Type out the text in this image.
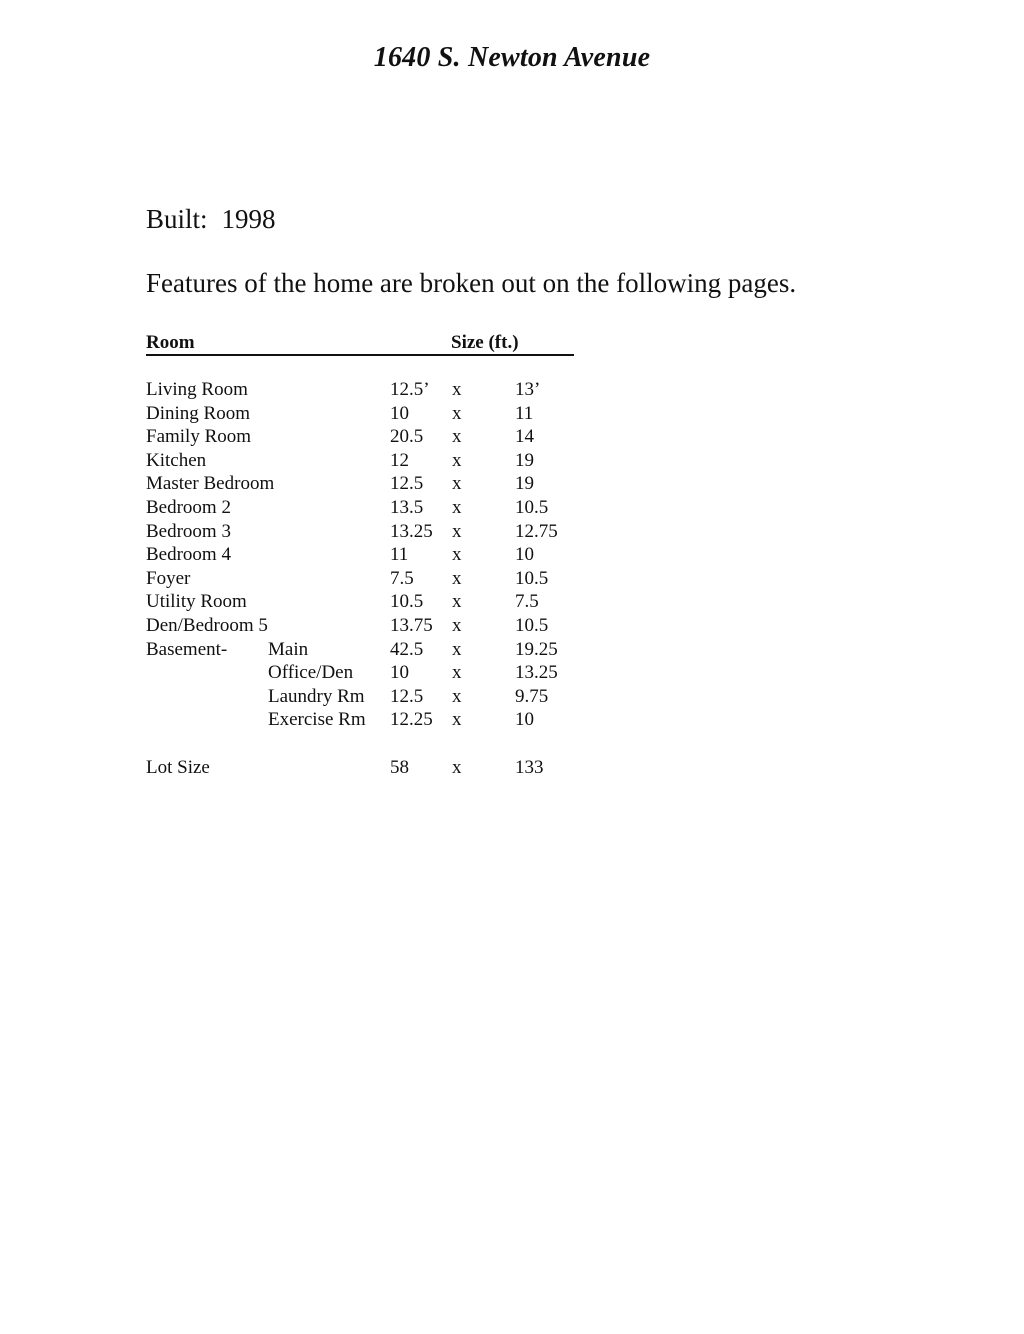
1640 S. Newton Avenue
Built: 1998
Features of the home are broken out on the following pages.
Room	Size (ft.)
Living Room	12.5’ x	13’
Dining Room	10 x	11
Family Room	20.5 x	14
Kitchen	12 x	19
Master Bedroom	12.5 x	19
Bedroom 2	13.5 x	10.5
Bedroom 3	13.25 x	12.75
Bedroom 4	11 x	10
Foyer	7.5 x	10.5
Utility Room	10.5 x	7.5
Den/Bedroom 5	13.75 x	10.5
Basement- Main	42.5 x	19.25
Office/Den 10 x	13.25
Laundry Rm 12.5 x	9.75
Exercise Rm 12.25 x	10
Lot Size	58 x	133
